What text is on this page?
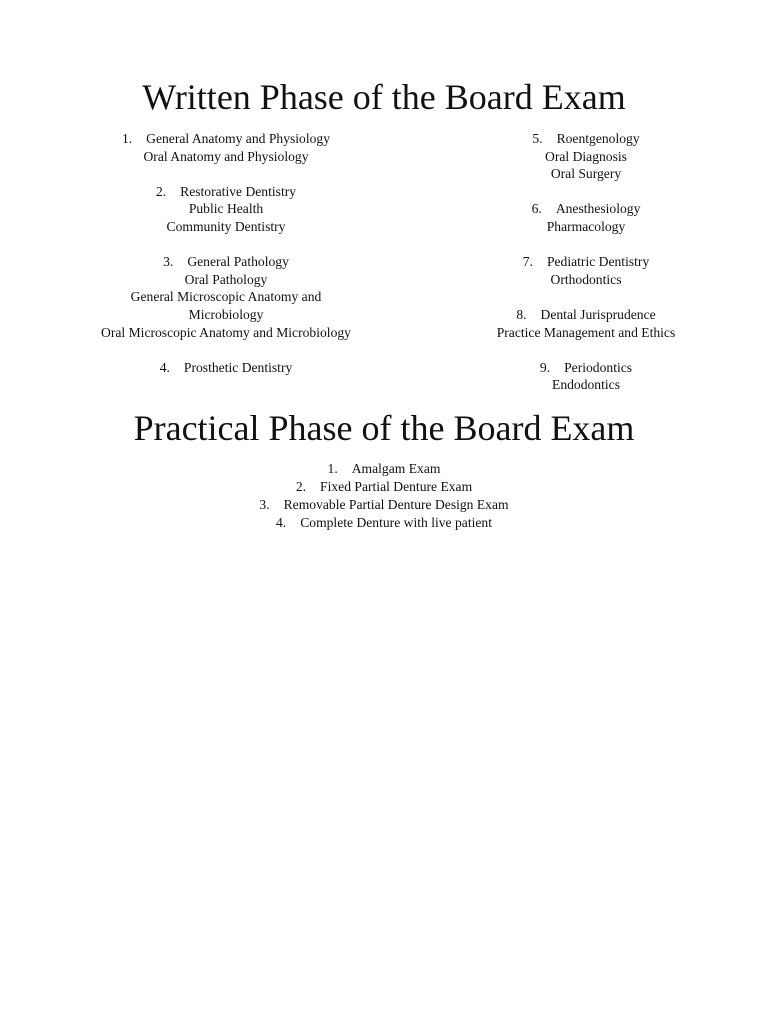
Written Phase of the Board Exam
1. General Anatomy and Physiology
Oral Anatomy and Physiology
2. Restorative Dentistry
Public Health
Community Dentistry
3. General Pathology
Oral Pathology
General Microscopic Anatomy and
Microbiology
Oral Microscopic Anatomy and Microbiology
4. Prosthetic Dentistry
5. Roentgenology
Oral Diagnosis
Oral Surgery
6. Anesthesiology
Pharmacology
7. Pediatric Dentistry
Orthodontics
8. Dental Jurisprudence
Practice Management and Ethics
9. Periodontics
Endodontics
Practical Phase of the Board Exam
1. Amalgam Exam
2. Fixed Partial Denture Exam
3. Removable Partial Denture Design Exam
4. Complete Denture with live patient
